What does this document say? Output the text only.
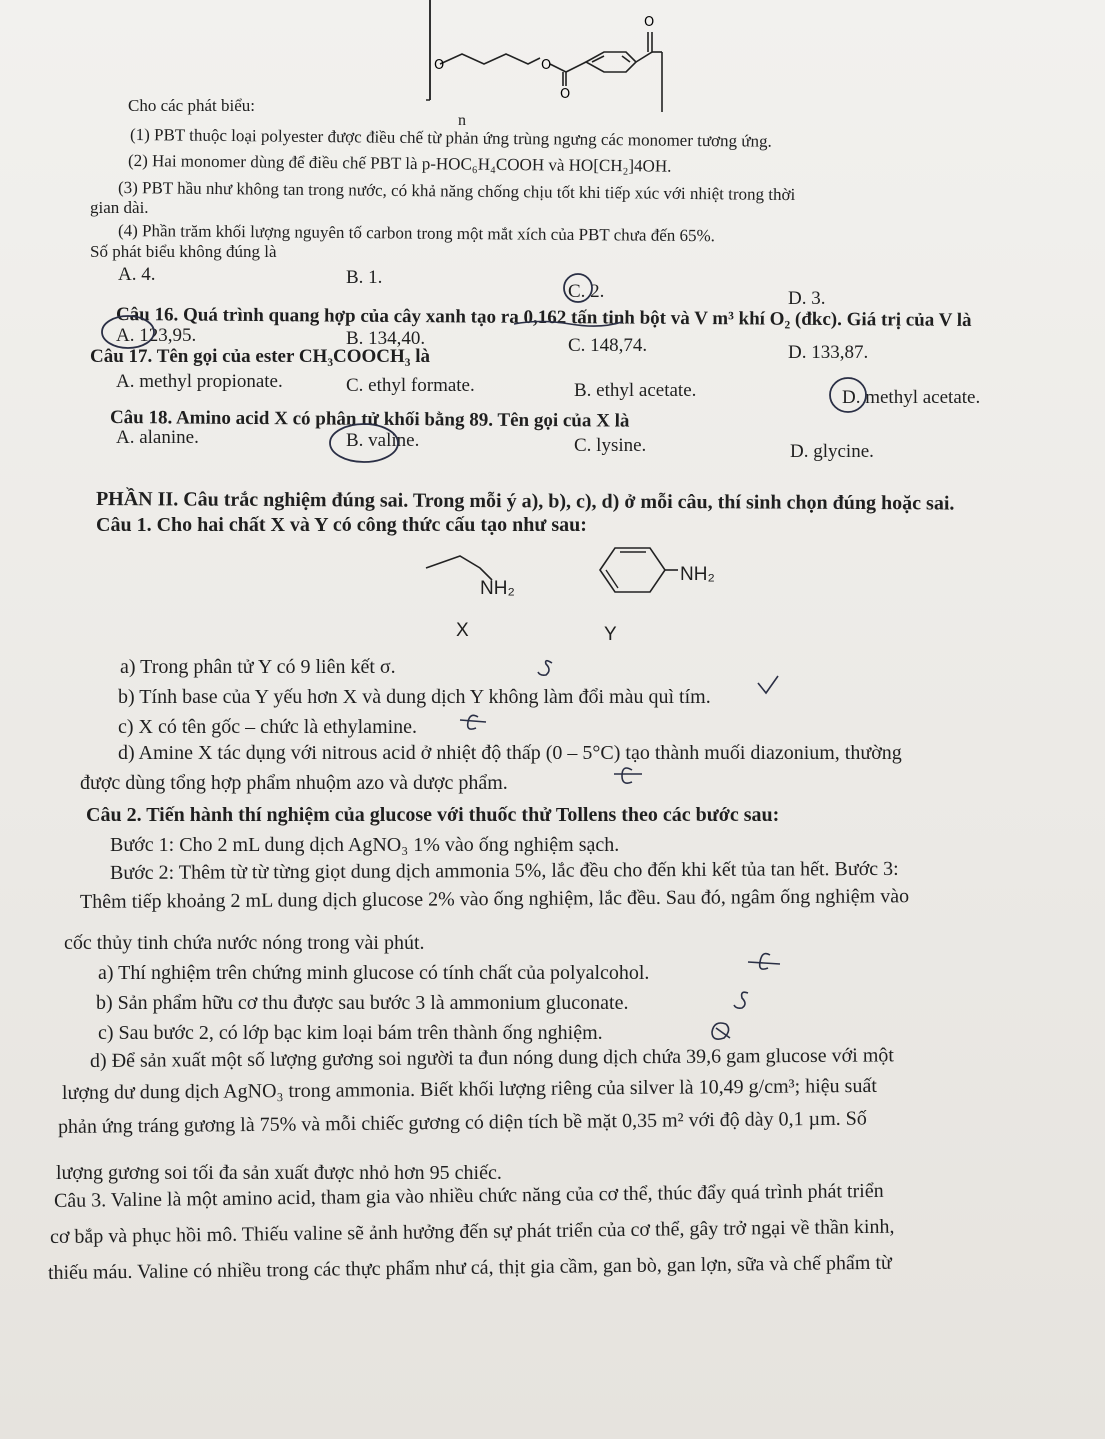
O	O
O
O
Cho các phát biểu:
n
(1) PBT thuộc loại polyester được điều chế từ phản ứng trùng ngưng các monomer tương ứng.
(2) Hai monomer dùng để điều chế PBT là p-HOC₆H₄COOH và HO[CH₂]4OH.
(3) PBT hầu như không tan trong nước, có khả năng chống chịu tốt khi tiếp xúc với nhiệt trong thời
gian dài.
(4) Phần trăm khối lượng nguyên tố carbon trong một mắt xích của PBT chưa đến 65%.
Số phát biểu không đúng là
A. 4.	B. 1.
C. 2.	D. 3.
Câu 16. Quá trình quang hợp của cây xanh tạo ra 0,162 tấn tinh bột và V m³ khí O₂ (đkc). Giá trị của V là
A. 123,95.	B. 134,40.	C. 148,74.	D. 133,87.
Câu 17. Tên gọi của ester CH₃COOCH₃ là
A. methyl propionate.	C. ethyl formate.	B. ethyl acetate.	D. methyl acetate.
Câu 18. Amino acid X có phân tử khối bằng 89. Tên gọi của X là
A. alanine.	B. valine.	C. lysine.	D. glycine.
PHẦN II. Câu trắc nghiệm đúng sai. Trong mỗi ý a), b), c), d) ở mỗi câu, thí sinh chọn đúng hoặc sai.
Câu 1. Cho hai chất X và Y có công thức cấu tạo như sau:
NH₂
NH₂
X	Y
a) Trong phân tử Y có 9 liên kết σ.
b) Tính base của Y yếu hơn X và dung dịch Y không làm đổi màu quì tím.
c) X có tên gốc – chức là ethylamine.
d) Amine X tác dụng với nitrous acid ở nhiệt độ thấp (0 – 5°C) tạo thành muối diazonium, thường
được dùng tổng hợp phẩm nhuộm azo và dược phẩm.
Câu 2. Tiến hành thí nghiệm của glucose với thuốc thử Tollens theo các bước sau:
Bước 1: Cho 2 mL dung dịch AgNO₃ 1% vào ống nghiệm sạch.
Bước 2: Thêm từ từ từng giọt dung dịch ammonia 5%, lắc đều cho đến khi kết tủa tan hết. Bước 3:
Thêm tiếp khoảng 2 mL dung dịch glucose 2% vào ống nghiệm, lắc đều. Sau đó, ngâm ống nghiệm vào
cốc thủy tinh chứa nước nóng trong vài phút.
a) Thí nghiệm trên chứng minh glucose có tính chất của polyalcohol.
b) Sản phẩm hữu cơ thu được sau bước 3 là ammonium gluconate.
c) Sau bước 2, có lớp bạc kim loại bám trên thành ống nghiệm.
d) Để sản xuất một số lượng gương soi người ta đun nóng dung dịch chứa 39,6 gam glucose với một
lượng dư dung dịch AgNO₃ trong ammonia. Biết khối lượng riêng của silver là 10,49 g/cm³; hiệu suất
phản ứng tráng gương là 75% và mỗi chiếc gương có diện tích bề mặt 0,35 m² với độ dày 0,1 µm. Số
lượng gương soi tối đa sản xuất được nhỏ hơn 95 chiếc.
Câu 3. Valine là một amino acid, tham gia vào nhiều chức năng của cơ thể, thúc đẩy quá trình phát triển
cơ bắp và phục hồi mô. Thiếu valine sẽ ảnh hưởng đến sự phát triển của cơ thể, gây trở ngại về thần kinh,
thiếu máu. Valine có nhiều trong các thực phẩm như cá, thịt gia cầm, gan bò, gan lợn, sữa và chế phẩm từ
